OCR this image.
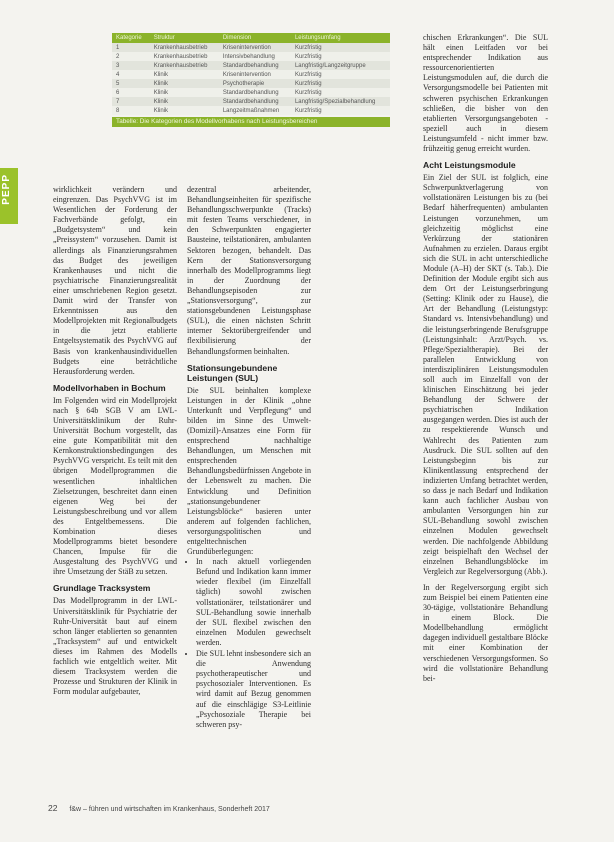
PEPP
Kategorie	Struktur	Dimension	Leistungsumfang
1	Krankenhausbetrieb	Krisenintervention	Kurzfristig
2	Krankenhausbetrieb	Intensivbehandlung	Kurzfristig
3	Krankenhausbetrieb	Standardbehandlung	Langfristig/Langzeitgruppe
4	Klinik	Krisenintervention	Kurzfristig
5	Klinik	Psychotherapie	Kurzfristig
6	Klinik	Standardbehandlung	Kurzfristig
7	Klinik	Standardbehandlung	Langfristig/Spezialbehandlung
8	Klinik	Langzeitmaßnahmen	Kurzfristig
Tabelle: Die Kategorien des Modellvorhabens nach Leistungsbereichen

wirklichkeit verändern und eingrenzen. Das PsychVVG ist im Wesentlichen der Forderung der Fachverbände gefolgt, ein „Budgetsystem“ und kein „Preissystem“ vorzusehen. Damit ist allerdings als Finanzierungsrahmen das Budget des jeweiligen Krankenhauses und nicht die psychiatrische Finanzierungsrealität einer umschriebenen Region gesetzt. Damit wird der Transfer von Erkenntnissen aus den Modellprojekten mit Regionalbudgets in die jetzt etablierte Entgeltsystematik des PsychVVG auf Basis von krankenhausindividuellen Budgets eine beträchtliche Herausforderung werden.

Modellvorhaben in Bochum

Im Folgenden wird ein Modellprojekt nach § 64b SGB V am LWL-Universitätsklinikum der Ruhr-Universität Bochum vorgestellt, das eine gute Kompatibilität mit den Kernkonstruktionsbedingungen des PsychVVG verspricht. Es teilt mit den übrigen Modellprogrammen die wesentlichen inhaltlichen Zielsetzungen, beschreitet dann einen eigenen Weg bei der Leistungsbeschreibung und vor allem des Entgeltbemessens. Die Kombination dieses Modellprogramms bietet besondere Chancen, Impulse für die Ausgestaltung des PsychVVG und ihre Umsetzung der StäB zu setzen.

Grundlage Tracksystem

Das Modellprogramm in der LWL-Universitätsklinik für Psychiatrie der Ruhr-Universität baut auf einem schon länger etablierten so genannten „Tracksystem“ auf und entwickelt dieses im Rahmen des Modells fachlich wie entgeltlich weiter. Mit diesem Tracksystem werden die Prozesse und Strukturen der Klinik in Form modular aufgebauter,

dezentral arbeitender, Behandlungseinheiten für spezifische Behandlungsschwerpunkte (Tracks) mit festen Teams verschiedener, in den Schwerpunkten engagierter Bausteine, teilstationären, ambulanten Sektoren bezogen, behandelt. Das Kern der Stationsversorgung innerhalb des Modellprogramms liegt in der Zuordnung der Behandlungsepisoden zur „Stationsversorgung“, zur stationsgebundenen Leistungsphase (SUL), die einen nächsten Schritt interner Sektorübergreifender und flexibilisierung der Behandlungsformen beinhalten.

Stationsungebundene Leistungen (SUL)

Die SUL beinhalten komplexe Leistungen in der Klinik „ohne Unterkunft und Verpflegung“ und bilden im Sinne des Umwelt- (Domizil)-Ansatzes eine Form für entsprechend nachhaltige Behandlungen, um Menschen mit entsprechenden Behandlungsbedürfnissen Angebote in der Lebenswelt zu machen. Die Entwicklung und Definition „stationsungebundener Leistungsblöcke“ basieren unter anderem auf folgenden fachlichen, versorgungspolitischen und entgelttechnischen Grundüberlegungen:

• In nach aktuell vorliegenden Befund und Indikation kann immer wieder flexibel (im Einzelfall täglich) sowohl zwischen vollstationärer, teilstationärer und SUL-Behandlung sowie innerhalb der SUL flexibel zwischen den einzelnen Modulen gewechselt werden.
• Die SUL lehnt insbesondere sich an die Anwendung psychotherapeutischer und psychosozialer Interventionen. Es wird damit auf Bezug genommen auf die einschlägige S3-Leitlinie „Psychosoziale Therapie bei schweren psy-

chischen Erkrankungen“. Die SUL hält einen Leitfaden vor bei entsprechender Indikation aus ressourcenorientierten Leistungsmodulen auf, die durch die Versorgungsmodelle bei Patienten mit schweren psychischen Erkrankungen schließen, die bisher von den etablierten Versorgungsangeboten - speziell auch in diesem Leistungsumfeld - nicht immer bzw. frühzeitig genug erreicht wurden.

Acht Leistungsmodule

Ein Ziel der SUL ist folglich, eine Schwerpunktverlagerung von vollstationären Leistungen bis zu (bei Bedarf häherfrequenten) ambulanten Leistungen vorzunehmen, um gleichzeitig möglichst eine Verkürzung der stationären Aufnahmen zu erzielen. Daraus ergibt sich die SUL in acht unterschiedliche Module (A–H) der SKT (s. Tab.). Die Definition der Module ergibt sich aus dem Ort der Leistungserbringung (Setting: Klinik oder zu Hause), die Art der Behandlung (Leistungstyp: Standard vs. Intensivbehandlung) und die leistungserbringende Berufsgruppe (Leistungsinhalt: Arzt/Psych. vs. Pflege/Spezialtherapie). Bei der parallelen Entwicklung von interdisziplinären Leistungsmodulen soll auch im Einzelfall von der klinischen Einschätzung bei jeder Behandlung der Schwere der psychiatrischen Indikation ausgegangen werden. Dies ist auch der zu respektierende Wunsch und Wahlrecht des Patienten zum Ausdruck. Die SUL sollten auf den Leistungsbeginn bis zur Klinikentlassung entsprechend der indizierten Umfang betrachtet werden, so dass je nach Bedarf und Indikation kann auch fachlicher Ausbau von ambulanten Versorgungen hin zur SUL-Behandlung sowohl zwischen einzelnen Modulen gewechselt werden. Die nachfolgende Abbildung zeigt beispielhaft den Wechsel der einzelnen Behandlungsblöcke im Vergleich zur Regelversorgung (Abb.).

In der Regelversorgung ergibt sich zum Beispiel bei einem Patienten eine 30-tägige, vollstationäre Behandlung in einem Block. Die Modellbehandlung ermöglicht dagegen individuell gestaltbare Blöcke mit einer Kombination der verschiedenen Versorgungsformen. So wird die vollstationäre Behandlung bei-

22 f&w – führen und wirtschaften im Krankenhaus, Sonderheft 2017
